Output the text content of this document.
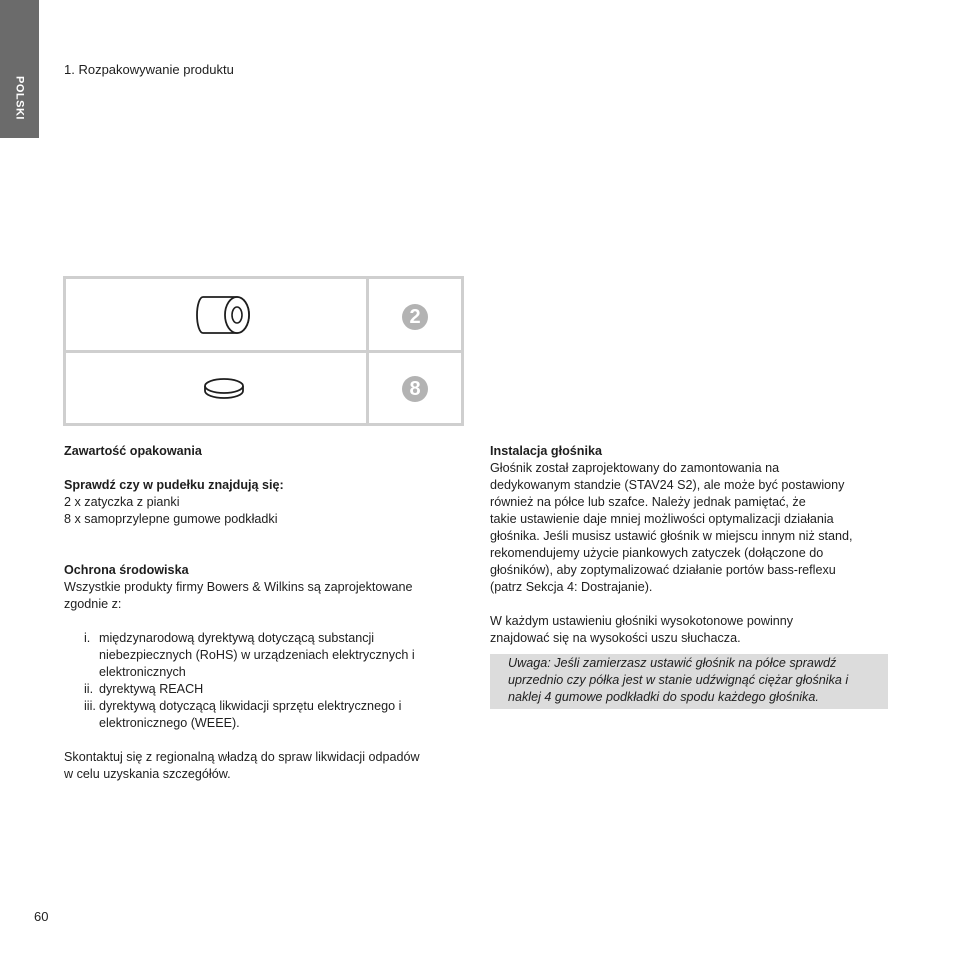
POLSKI
1. Rozpakowywanie produktu
2
8

Zawartość opakowania

Sprawdź czy w pudełku znajdują się:

2 x zatyczka z pianki

8 x samoprzylepne gumowe podkładki

Ochrona środowiska

Wszystkie produkty firmy Bowers & Wilkins są zaprojektowane

zgodnie z:

i. międzynarodową dyrektywą dotyczącą substancji

niebezpiecznych (RoHS) w urządzeniach elektrycznych i

elektronicznych

ii. dyrektywą REACH

iii. dyrektywą dotyczącą likwidacji sprzętu elektrycznego i

elektronicznego (WEEE).

Skontaktuj się z regionalną władzą do spraw likwidacji odpadów

w celu uzyskania szczegółów.

Instalacja głośnika

Głośnik został zaprojektowany do zamontowania na

dedykowanym standzie (STAV24 S2), ale może być postawiony

również na półce lub szafce. Należy jednak pamiętać, że

takie ustawienie daje mniej możliwości optymalizacji działania

głośnika. Jeśli musisz ustawić głośnik w miejscu innym niż stand,

rekomendujemy użycie piankowych zatyczek (dołączone do

głośników), aby zoptymalizować działanie portów bass-reflexu

(patrz Sekcja 4: Dostrajanie).

W każdym ustawieniu głośniki wysokotonowe powinny

znajdować się na wysokości uszu słuchacza.

Uwaga: Jeśli zamierzasz ustawić głośnik na półce sprawdź

uprzednio czy półka jest w stanie udźwignąć ciężar głośnika i

naklej 4 gumowe podkładki do spodu każdego głośnika.

60
